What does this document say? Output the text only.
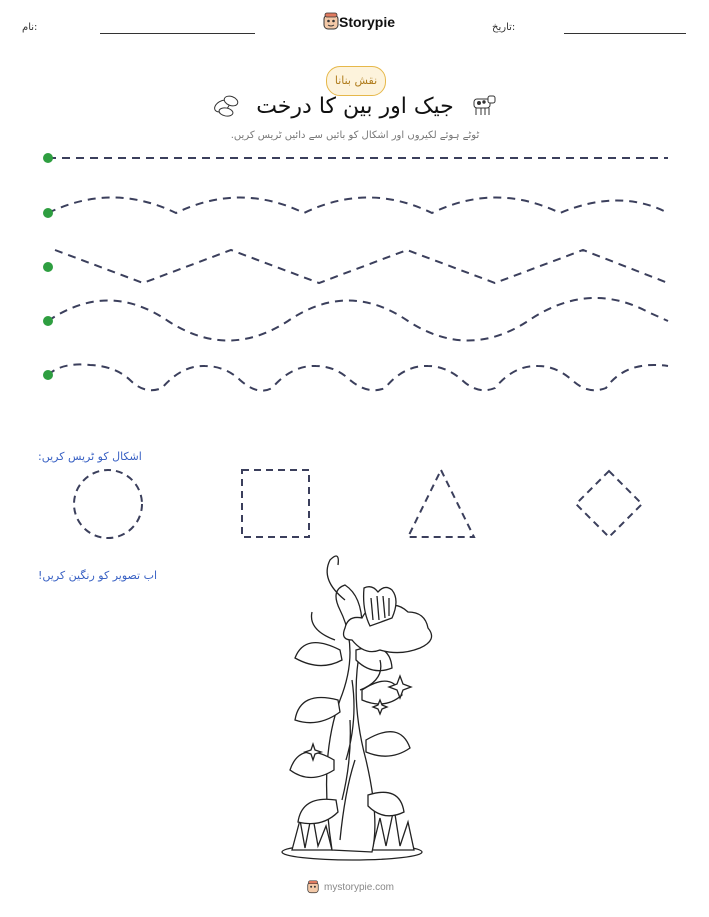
نام:	Storypie	تاریخ:
نقش بنانا
جیک اور بین کا درخت
ٹوٹے ہوئے لکیروں اور اشکال کو بائیں سے دائیں ٹریس کریں.
اشکال کو ٹریس کریں:
اب تصویر کو رنگین کریں!
mystorypie.com
